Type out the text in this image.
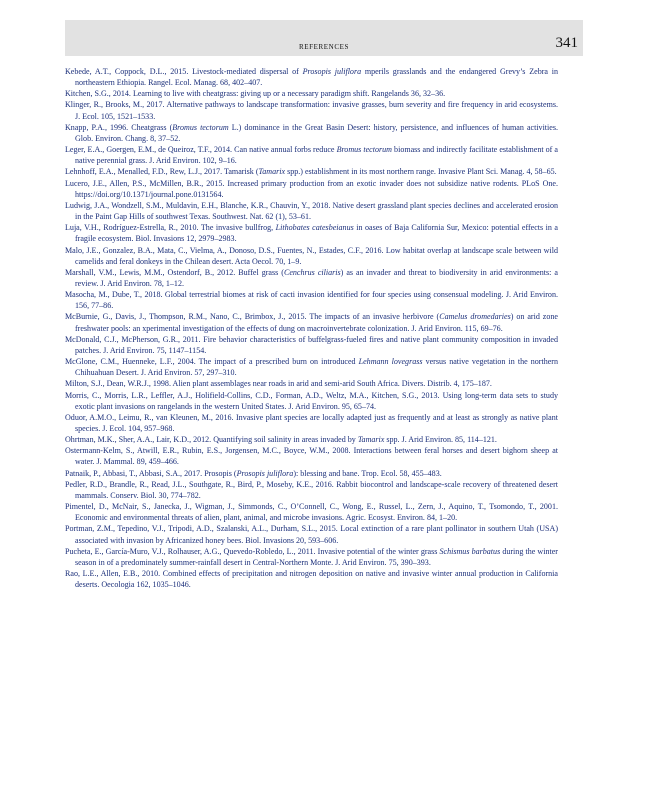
REFERENCES	341
Kebede, A.T., Coppock, D.L., 2015. Livestock-mediated dispersal of Prosopis juliflora mperils grasslands and the endangered Grevy’s Zebra in northeastern Ethiopia. Rangel. Ecol. Manag. 68, 402–407.
Kitchen, S.G., 2014. Learning to live with cheatgrass: giving up or a necessary paradigm shift. Rangelands 36, 32–36.
Klinger, R., Brooks, M., 2017. Alternative pathways to landscape transformation: invasive grasses, burn severity and fire frequency in arid ecosystems. J. Ecol. 105, 1521–1533.
Knapp, P.A., 1996. Cheatgrass (Bromus tectorum L.) dominance in the Great Basin Desert: history, persistence, and influences of human activities. Glob. Environ. Chang. 8, 37–52.
Leger, E.A., Goergen, E.M., de Queiroz, T.F., 2014. Can native annual forbs reduce Bromus tectorum biomass and indirectly facilitate establishment of a native perennial grass. J. Arid Environ. 102, 9–16.
Lehnhoff, E.A., Menalled, F.D., Rew, L.J., 2017. Tamarisk (Tamarix spp.) establishment in its most northern range. Invasive Plant Sci. Manag. 4, 58–65.
Lucero, J.E., Allen, P.S., McMillen, B.R., 2015. Increased primary production from an exotic invader does not subsidize native rodents. PLoS One. https://doi.org/10.1371/journal.pone.0131564.
Ludwig, J.A., Wondzell, S.M., Muldavin, E.H., Blanche, K.R., Chauvin, Y., 2018. Native desert grassland plant species declines and accelerated erosion in the Paint Gap Hills of southwest Texas. Southwest. Nat. 62 (1), 53–61.
Luja, V.H., Rodríguez-Estrella, R., 2010. The invasive bullfrog, Lithobates catesbeianus in oases of Baja California Sur, Mexico: potential effects in a fragile ecosystem. Biol. Invasions 12, 2979–2983.
Malo, J.E., Gonzalez, B.A., Mata, C., Vielma, A., Donoso, D.S., Fuentes, N., Estades, C.F., 2016. Low habitat overlap at landscape scale between wild camelids and feral donkeys in the Chilean desert. Acta Oecol. 70, 1–9.
Marshall, V.M., Lewis, M.M., Ostendorf, B., 2012. Buffel grass (Cenchrus ciliaris) as an invader and threat to biodiversity in arid environments: a review. J. Arid Environ. 78, 1–12.
Masocha, M., Dube, T., 2018. Global terrestrial biomes at risk of cacti invasion identified for four species using consensual modeling. J. Arid Environ. 156, 77–86.
McBurnie, G., Davis, J., Thompson, R.M., Nano, C., Brimbox, J., 2015. The impacts of an invasive herbivore (Camelus dromedaries) on arid zone freshwater pools: an xperimental investigation of the effects of dung on macroinvertebrate colonization. J. Arid Environ. 115, 69–76.
McDonald, C.J., McPherson, G.R., 2011. Fire behavior characteristics of buffelgrass-fueled fires and native plant community composition in invaded patches. J. Arid Environ. 75, 1147–1154.
McGlone, C.M., Huenneke, L.F., 2004. The impact of a prescribed burn on introduced Lehmann lovegrass versus native vegetation in the northern Chihuahuan Desert. J. Arid Environ. 57, 297–310.
Milton, S.J., Dean, W.R.J., 1998. Alien plant assemblages near roads in arid and semi-arid South Africa. Divers. Distrib. 4, 175–187.
Morris, C., Morris, L.R., Leffler, A.J., Holifield-Collins, C.D., Forman, A.D., Weltz, M.A., Kitchen, S.G., 2013. Using long-term data sets to study exotic plant invasions on rangelands in the western United States. J. Arid Environ. 95, 65–74.
Oduor, A.M.O., Leimu, R., van Kleunen, M., 2016. Invasive plant species are locally adapted just as frequently and at least as strongly as native plant species. J. Ecol. 104, 957–968.
Ohrtman, M.K., Sher, A.A., Lair, K.D., 2012. Quantifying soil salinity in areas invaded by Tamarix spp. J. Arid Environ. 85, 114–121.
Ostermann-Kelm, S., Atwill, E.R., Rubin, E.S., Jorgensen, M.C., Boyce, W.M., 2008. Interactions between feral horses and desert bighorn sheep at water. J. Mammal. 89, 459–466.
Patnaik, P., Abbasi, T., Abbasi, S.A., 2017. Prosopis (Prosopis juliflora): blessing and bane. Trop. Ecol. 58, 455–483.
Pedler, R.D., Brandle, R., Read, J.L., Southgate, R., Bird, P., Moseby, K.E., 2016. Rabbit biocontrol and landscape-scale recovery of threatened desert mammals. Conserv. Biol. 30, 774–782.
Pimentel, D., McNair, S., Janecka, J., Wigman, J., Simmonds, C., O’Connell, C., Wong, E., Russel, L., Zern, J., Aquino, T., Tsomondo, T., 2001. Economic and environmental threats of alien, plant, animal, and microbe invasions. Agric. Ecosyst. Environ. 84, 1–20.
Portman, Z.M., Tepedino, V.J., Tripodi, A.D., Szalanski, A.L., Durham, S.L., 2015. Local extinction of a rare plant pollinator in southern Utah (USA) associated with invasion by Africanized honey bees. Biol. Invasions 20, 593–606.
Pucheta, E., García-Muro, V.J., Rolhauser, A.G., Quevedo-Robledo, L., 2011. Invasive potential of the winter grass Schismus barbatus during the winter season in of a predominately summer-rainfall desert in Central-Northern Monte. J. Arid Environ. 75, 390–393.
Rao, L.E., Allen, E.B., 2010. Combined effects of precipitation and nitrogen deposition on native and invasive winter annual production in California deserts. Oecologia 162, 1035–1046.
